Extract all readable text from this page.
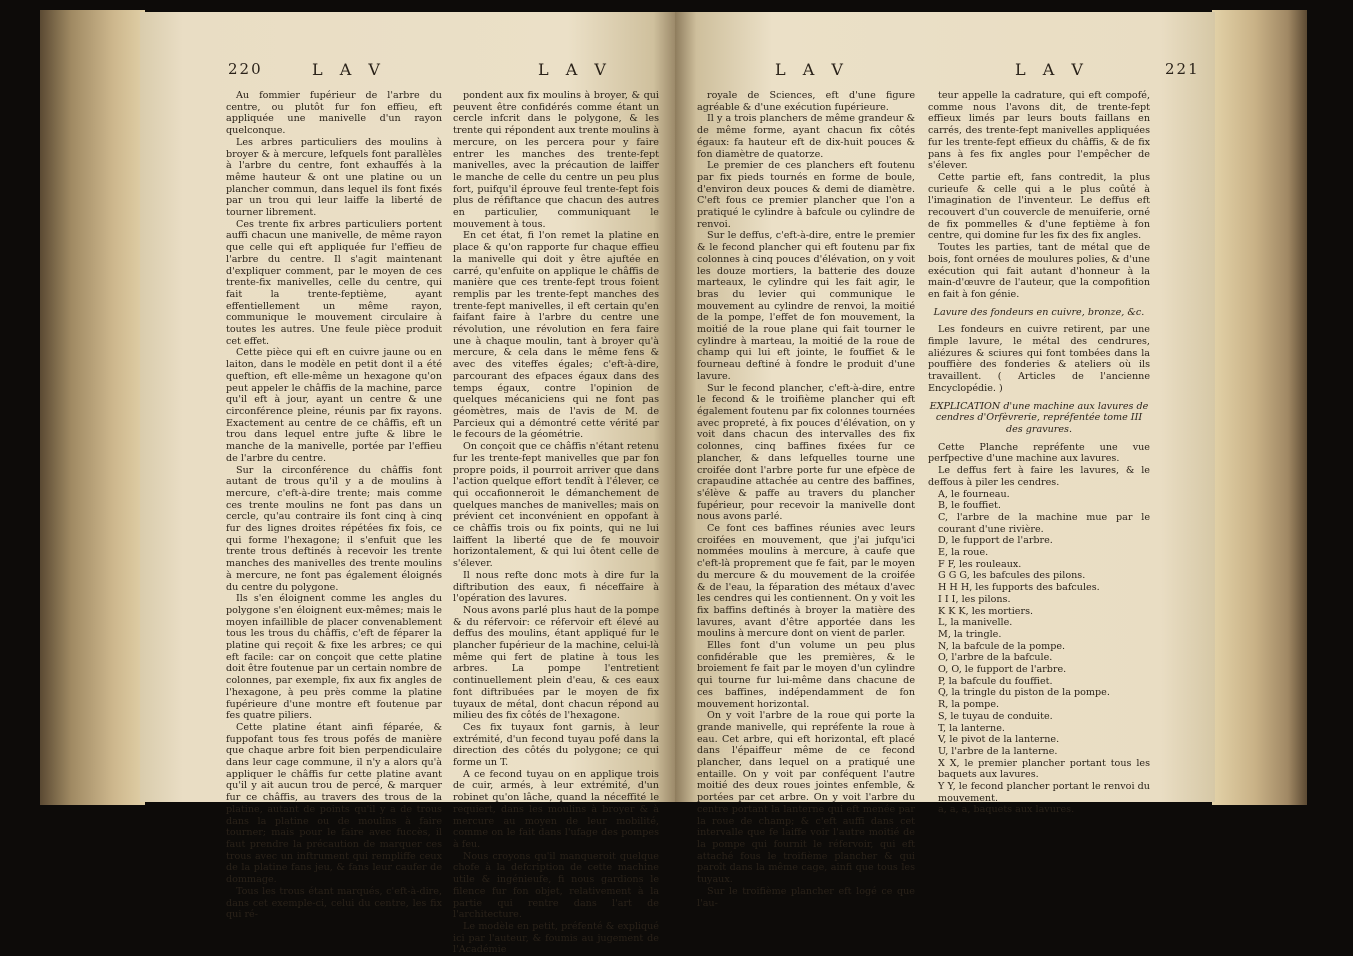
220	L A V	L A V

Au fommier fupérieur de l'arbre du centre, ou plutôt fur fon effieu, eft appliquée une manivelle d'un rayon quelconque.

Les arbres particuliers des moulins à broyer & à mercure, lefquels font parallèles à l'arbre du centre, font exhauffés à la même hauteur & ont une platine ou un plancher commun, dans lequel ils font fixés par un trou qui leur laiffe la liberté de tourner librement.

Ces trente fix arbres particuliers portent auffi chacun une manivelle, de même rayon que celle qui eft appliquée fur l'effieu de l'arbre du centre. Il s'agit maintenant d'expliquer comment, par le moyen de ces trente-fix manivelles, celle du centre, qui fait la trente-feptième, ayant effentiellement un même rayon, communique le mouvement circulaire à toutes les autres. Une feule pièce produit cet effet.

Cette pièce qui eft en cuivre jaune ou en laiton, dans le modèle en petit dont il a été queftion, eft elle-même un hexagone qu'on peut appeler le châffis de la machine, parce qu'il eft à jour, ayant un centre & une circonférence pleine, réunis par fix rayons. Exactement au centre de ce châffis, eft un trou dans lequel entre jufte & libre le manche de la manivelle, portée par l'effieu de l'arbre du centre.

Sur la circonférence du châffis font autant de trous qu'il y a de moulins à mercure, c'eft-à-dire trente; mais comme ces trente moulins ne font pas dans un cercle, qu'au contraire ils font cinq à cinq fur des lignes droites répétées fix fois, ce qui forme l'hexagone; il s'enfuit que les trente trous deftinés à recevoir les trente manches des manivelles des trente moulins à mercure, ne font pas également éloignés du centre du polygone.

Ils s'en éloignent comme les angles du polygone s'en éloignent eux-mêmes; mais le moyen infaillible de placer convenablement tous les trous du châffis, c'eft de féparer la platine qui reçoit & fixe les arbres; ce qui eft facile: car on conçoit que cette platine doit être foutenue par un certain nombre de colonnes, par exemple, fix aux fix angles de l'hexagone, à peu près comme la platine fupérieure d'une montre eft foutenue par fes quatre piliers.

Cette platine étant ainfi féparée, & fuppofant tous fes trous pofés de manière que chaque arbre foit bien perpendiculaire dans leur cage commune, il n'y a alors qu'à appliquer le châffis fur cette platine avant qu'il y ait aucun trou de percé, & marquer fur ce châffis, au travers des trous de la platine, autant de points qu'il y a de trous dans la platine ou de moulins à faire tourner; mais pour le faire avec fuccès, il faut prendre la précaution de marquer ces trous avec un inftrument qui rempliffe ceux de la platine fans jeu, & fans leur caufer de dommage.

Tous les trous étant marqués, c'eft-à-dire, dans cet exemple-ci, celui du centre, les fix qui ré-

pondent aux fix moulins à broyer, & qui peuvent être confidérés comme étant un cercle infcrit dans le polygone, & les trente qui répondent aux trente moulins à mercure, on les percera pour y faire entrer les manches des trente-fept manivelles, avec la précaution de laiffer le manche de celle du centre un peu plus fort, puifqu'il éprouve feul trente-fept fois plus de réfiftance que chacun des autres en particulier, communiquant le mouvement à tous.

En cet état, fi l'on remet la platine en place & qu'on rapporte fur chaque effieu la manivelle qui doit y être ajuftée en carré, qu'enfuite on applique le châffis de manière que ces trente-fept trous foient remplis par les trente-fept manches des trente-fept manivelles, il eft certain qu'en faifant faire à l'arbre du centre une révolution, une révolution en fera faire une à chaque moulin, tant à broyer qu'à mercure, & cela dans le même fens & avec des viteffes égales; c'eft-à-dire, parcourant des efpaces égaux dans des temps égaux, contre l'opinion de quelques mécaniciens qui ne font pas géomètres, mais de l'avis de M. de Parcieux qui a démontré cette vérité par le fecours de la géométrie.

On conçoit que ce châffis n'étant retenu fur les trente-fept manivelles que par fon propre poids, il pourroit arriver que dans l'action quelque effort tendît à l'élever, ce qui occafionneroit le démanchement de quelques manches de manivelles; mais on prévient cet inconvénient en oppofant à ce châffis trois ou fix points, qui ne lui laiffent la liberté que de fe mouvoir horizontalement, & qui lui ôtent celle de s'élever.

Il nous refte donc mots à dire fur la diftribution des eaux, fi néceffaire à l'opération des lavures.

Nous avons parlé plus haut de la pompe & du réfervoir: ce réfervoir eft élevé au deffus des moulins, étant appliqué fur le plancher fupérieur de la machine, celui-là même qui fert de platine à tous les arbres. La pompe l'entretient continuellement plein d'eau, & ces eaux font diftribuées par le moyen de fix tuyaux de métal, dont chacun répond au milieu des fix côtés de l'hexagone.

Ces fix tuyaux font garnis, à leur extrémité, d'un fecond tuyau pofé dans la direction des côtés du polygone; ce qui forme un T.

A ce fecond tuyau on en applique trois de cuir, armés, à leur extrémité, d'un robinet qu'on lâche, quand la néceffité le requiert, dans les moulins à broyer & à mercure au moyen de leur mobilité, comme on le fait dans l'ufage des pompes à feu.

Nous croyons qu'il manqueroit quelque chofe à la defcription de cette machine utile & ingénieufe, fi nous gardions le filence fur fon objet, relativement à la partie qui rentre dans l'art de l'architecture.

Le modèle en petit, préfenté & expliqué ici par l'auteur, & foumis au jugement de l'Académie

L A V	L A V	221

royale de Sciences, eft d'une figure agréable & d'une exécution fupérieure.

Il y a trois planchers de même grandeur & de même forme, ayant chacun fix côtés égaux: fa hauteur eft de dix-huit pouces & fon diamètre de quatorze.

Le premier de ces planchers eft foutenu par fix pieds tournés en forme de boule, d'environ deux pouces & demi de diamètre. C'eft fous ce premier plancher que l'on a pratiqué le cylindre à bafcule ou cylindre de renvoi.

Sur le deffus, c'eft-à-dire, entre le premier & le fecond plancher qui eft foutenu par fix colonnes à cinq pouces d'élévation, on y voit les douze mortiers, la batterie des douze marteaux, le cylindre qui les fait agir, le bras du levier qui communique le mouvement au cylindre de renvoi, la moitié de la pompe, l'effet de fon mouvement, la moitié de la roue plane qui fait tourner le cylindre à marteau, la moitié de la roue de champ qui lui eft jointe, le fouffiet & le fourneau deftiné à fondre le produit d'une lavure.

Sur le fecond plancher, c'eft-à-dire, entre le fecond & le troifième plancher qui eft également foutenu par fix colonnes tournées avec propreté, à fix pouces d'élévation, on y voit dans chacun des intervalles des fix colonnes, cinq baffines fixées fur ce plancher, & dans lefquelles tourne une croifée dont l'arbre porte fur une efpèce de crapaudine attachée au centre des baffines, s'élève & paffe au travers du plancher fupérieur, pour recevoir la manivelle dont nous avons parlé.

Ce font ces baffines réunies avec leurs croifées en mouvement, que j'ai jufqu'ici nommées moulins à mercure, à caufe que c'eft-là proprement que fe fait, par le moyen du mercure & du mouvement de la croifée & de l'eau, la féparation des métaux d'avec les cendres qui les contiennent. On y voit les fix baffins deftinés à broyer la matière des lavures, avant d'être apportée dans les moulins à mercure dont on vient de parler.

Elles font d'un volume un peu plus confidérable que les premières, & le broiement fe fait par le moyen d'un cylindre qui tourne fur lui-même dans chacune de ces baffines, indépendamment de fon mouvement horizontal.

On y voit l'arbre de la roue qui porte la grande manivelle, qui repréfente la roue à eau. Cet arbre, qui eft horizontal, eft placé dans l'épaiffeur même de ce fecond plancher, dans lequel on a pratiqué une entaille. On y voit par conféquent l'autre moitié des deux roues jointes enfemble, & portées par cet arbre. On y voit l'arbre du centre portant la lanterne qui eft menée par la roue de champ; & c'eft auffi dans cet intervalle que fe laiffe voir l'autre moitié de la pompe qui fournit le réfervoir, qui eft attaché fous le troifième plancher & qui paroît dans la même cage, ainfi que tous les tuyaux.

Sur le troifième plancher eft logé ce que l'au-

teur appelle la cadrature, qui eft compofé, comme nous l'avons dit, de trente-fept effieux limés par leurs bouts faillans en carrés, des trente-fept manivelles appliquées fur les trente-fept effieux du châffis, & de fix pans à fes fix angles pour l'empêcher de s'élever.

Cette partie eft, fans contredit, la plus curieufe & celle qui a le plus coûté à l'imagination de l'inventeur. Le deffus eft recouvert d'un couvercle de menuiferie, orné de fix pommelles & d'une feptième à fon centre, qui domine fur les fix des fix angles.

Toutes les parties, tant de métal que de bois, font ornées de moulures polies, & d'une exécution qui fait autant d'honneur à la main-d'œuvre de l'auteur, que la compofition en fait à fon génie.

Lavure des fondeurs en cuivre, bronze, &c.

Les fondeurs en cuivre retirent, par une fimple lavure, le métal des cendrures, aliézures & sciures qui font tombées dans la pouffière des fonderies & ateliers où ils travaillent. ( Articles de l'ancienne Encyclopédie. )

EXPLICATION d'une machine aux lavures de cendres d'Orfèvrerie, repréfentée tome III des gravures.

Cette Planche repréfente une vue perfpective d'une machine aux lavures.

Le deffus fert à faire les lavures, & le deffous à piler les cendres.

A, le fourneau.

B, le fouffiet.

C, l'arbre de la machine mue par le courant d'une rivière.

D, le fupport de l'arbre.

E, la roue.

F F, les rouleaux.

G G G, les bafcules des pilons.

H H H, les fupports des bafcules.

I I I, les pilons.

K K K, les mortiers.

L, la manivelle.

M, la tringle.

N, la bafcule de la pompe.

O, l'arbre de la bafcule.

O, O, le fupport de l'arbre.

P, la bafcule du fouffiet.

Q, la tringle du piston de la pompe.

R, la pompe.

S, le tuyau de conduite.

T, la lanterne.

V, le pivot de la lanterne.

U, l'arbre de la lanterne.

X X, le premier plancher portant tous les baquets aux lavures.

Y Y, le fecond plancher portant le renvoi du mouvement.

a, a, a, baquets aux lavures.
